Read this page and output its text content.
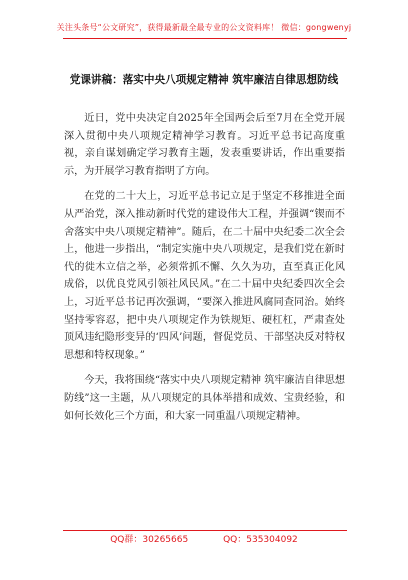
关注头条号“公文研究”，获得最新最全最专业的公文资料库！ 微信：gongwenyj
党课讲稿：落实中央八项规定精神 筑牢廉洁自律思想防线

近日，党中央决定自2025年全国两会后至7月在全党开展深入贯彻中央八项规定精神学习教育。习近平总书记高度重视，亲自谋划确定学习教育主题，发表重要讲话，作出重要指示，为开展学习教育指明了方向。

在党的二十大上，习近平总书记立足于坚定不移推进全面从严治党，深入推动新时代党的建设伟大工程，并强调“锲而不舍落实中央八项规定精神”。随后，在二十届中央纪委二次全会上，他进一步指出，“制定实施中央八项规定，是我们党在新时代的徙木立信之举，必须常抓不懈、久久为功，直至真正化风成俗，以优良党风引领社风民风。”在二十届中央纪委四次全会上，习近平总书记再次强调，“要深入推进风腐同查同治。始终坚持零容忍，把中央八项规定作为铁规矩、硬杠杠，严肃查处顶风违纪隐形变异的‘四风’问题，督促党员、干部坚决反对特权思想和特权现象。”

今天，我将围绕“落实中央八项规定精神 筑牢廉洁自律思想防线”这一主题，从八项规定的具体举措和成效、宝贵经验，和如何长效化三个方面，和大家一同重温八项规定精神。

QQ群：30265665	QQ：535304092
